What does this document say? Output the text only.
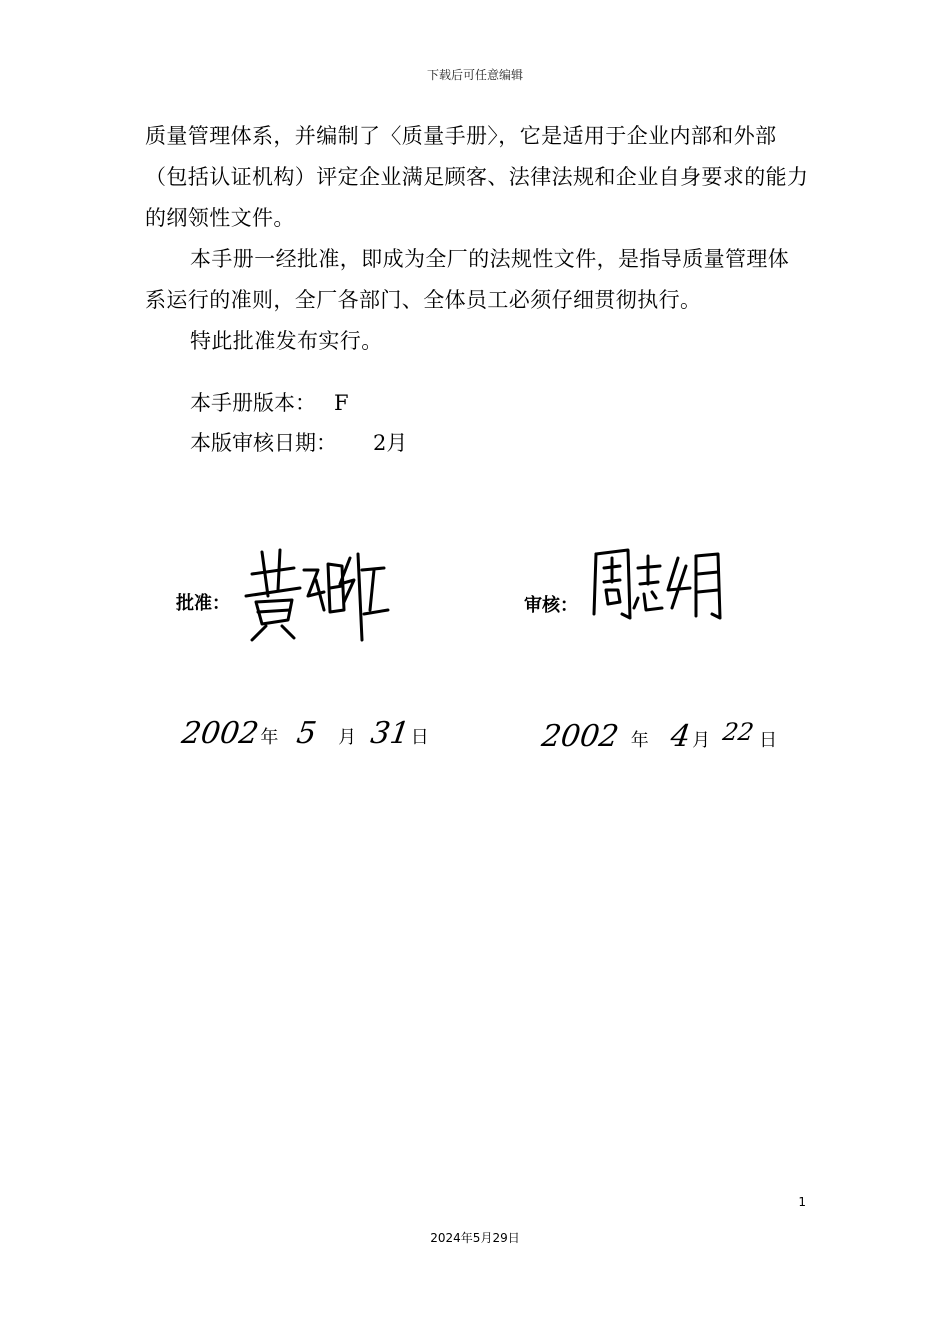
下载后可任意编辑

质量管理体系，并编制了〈质量手册〉，它是适用于企业内部和外部（包括认证机构）评定企业满足顾客、法律法规和企业自身要求的能力的纲领性文件。

本手册一经批准，即成为全厂的法规性文件，是指导质量管理体系运行的准则，全厂各部门、全体员工必须仔细贯彻执行。

特此批准发布实行。

本手册版本： F
本版审核日期：	2月
批准：	审核：
2002年 5 月 31日	2002 年 4月 22 日
1
2024年5月29日
